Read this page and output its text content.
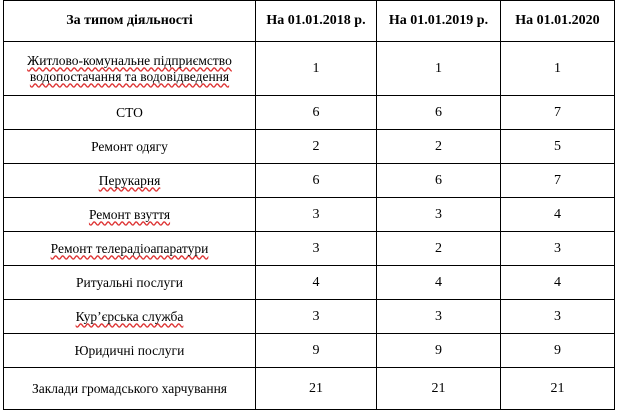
За типом діяльності	На 01.01.2018 р.	На 01.01.2019 р.	На 01.01.2020

Житлово-комунальне підприємство
водопостачання та водовідведення	1	1	1
СТО	6	6	7
Ремонт одягу	2	2	5
Перукарня	6	6	7
Ремонт взуття	3	3	4
Ремонт телерадіоапаратури	3	2	3
Ритуальні послуги	4	4	4
Кур’єрська служба	3	3	3
Юридичні послуги	9	9	9
Заклади громадського харчування	21	21	21
